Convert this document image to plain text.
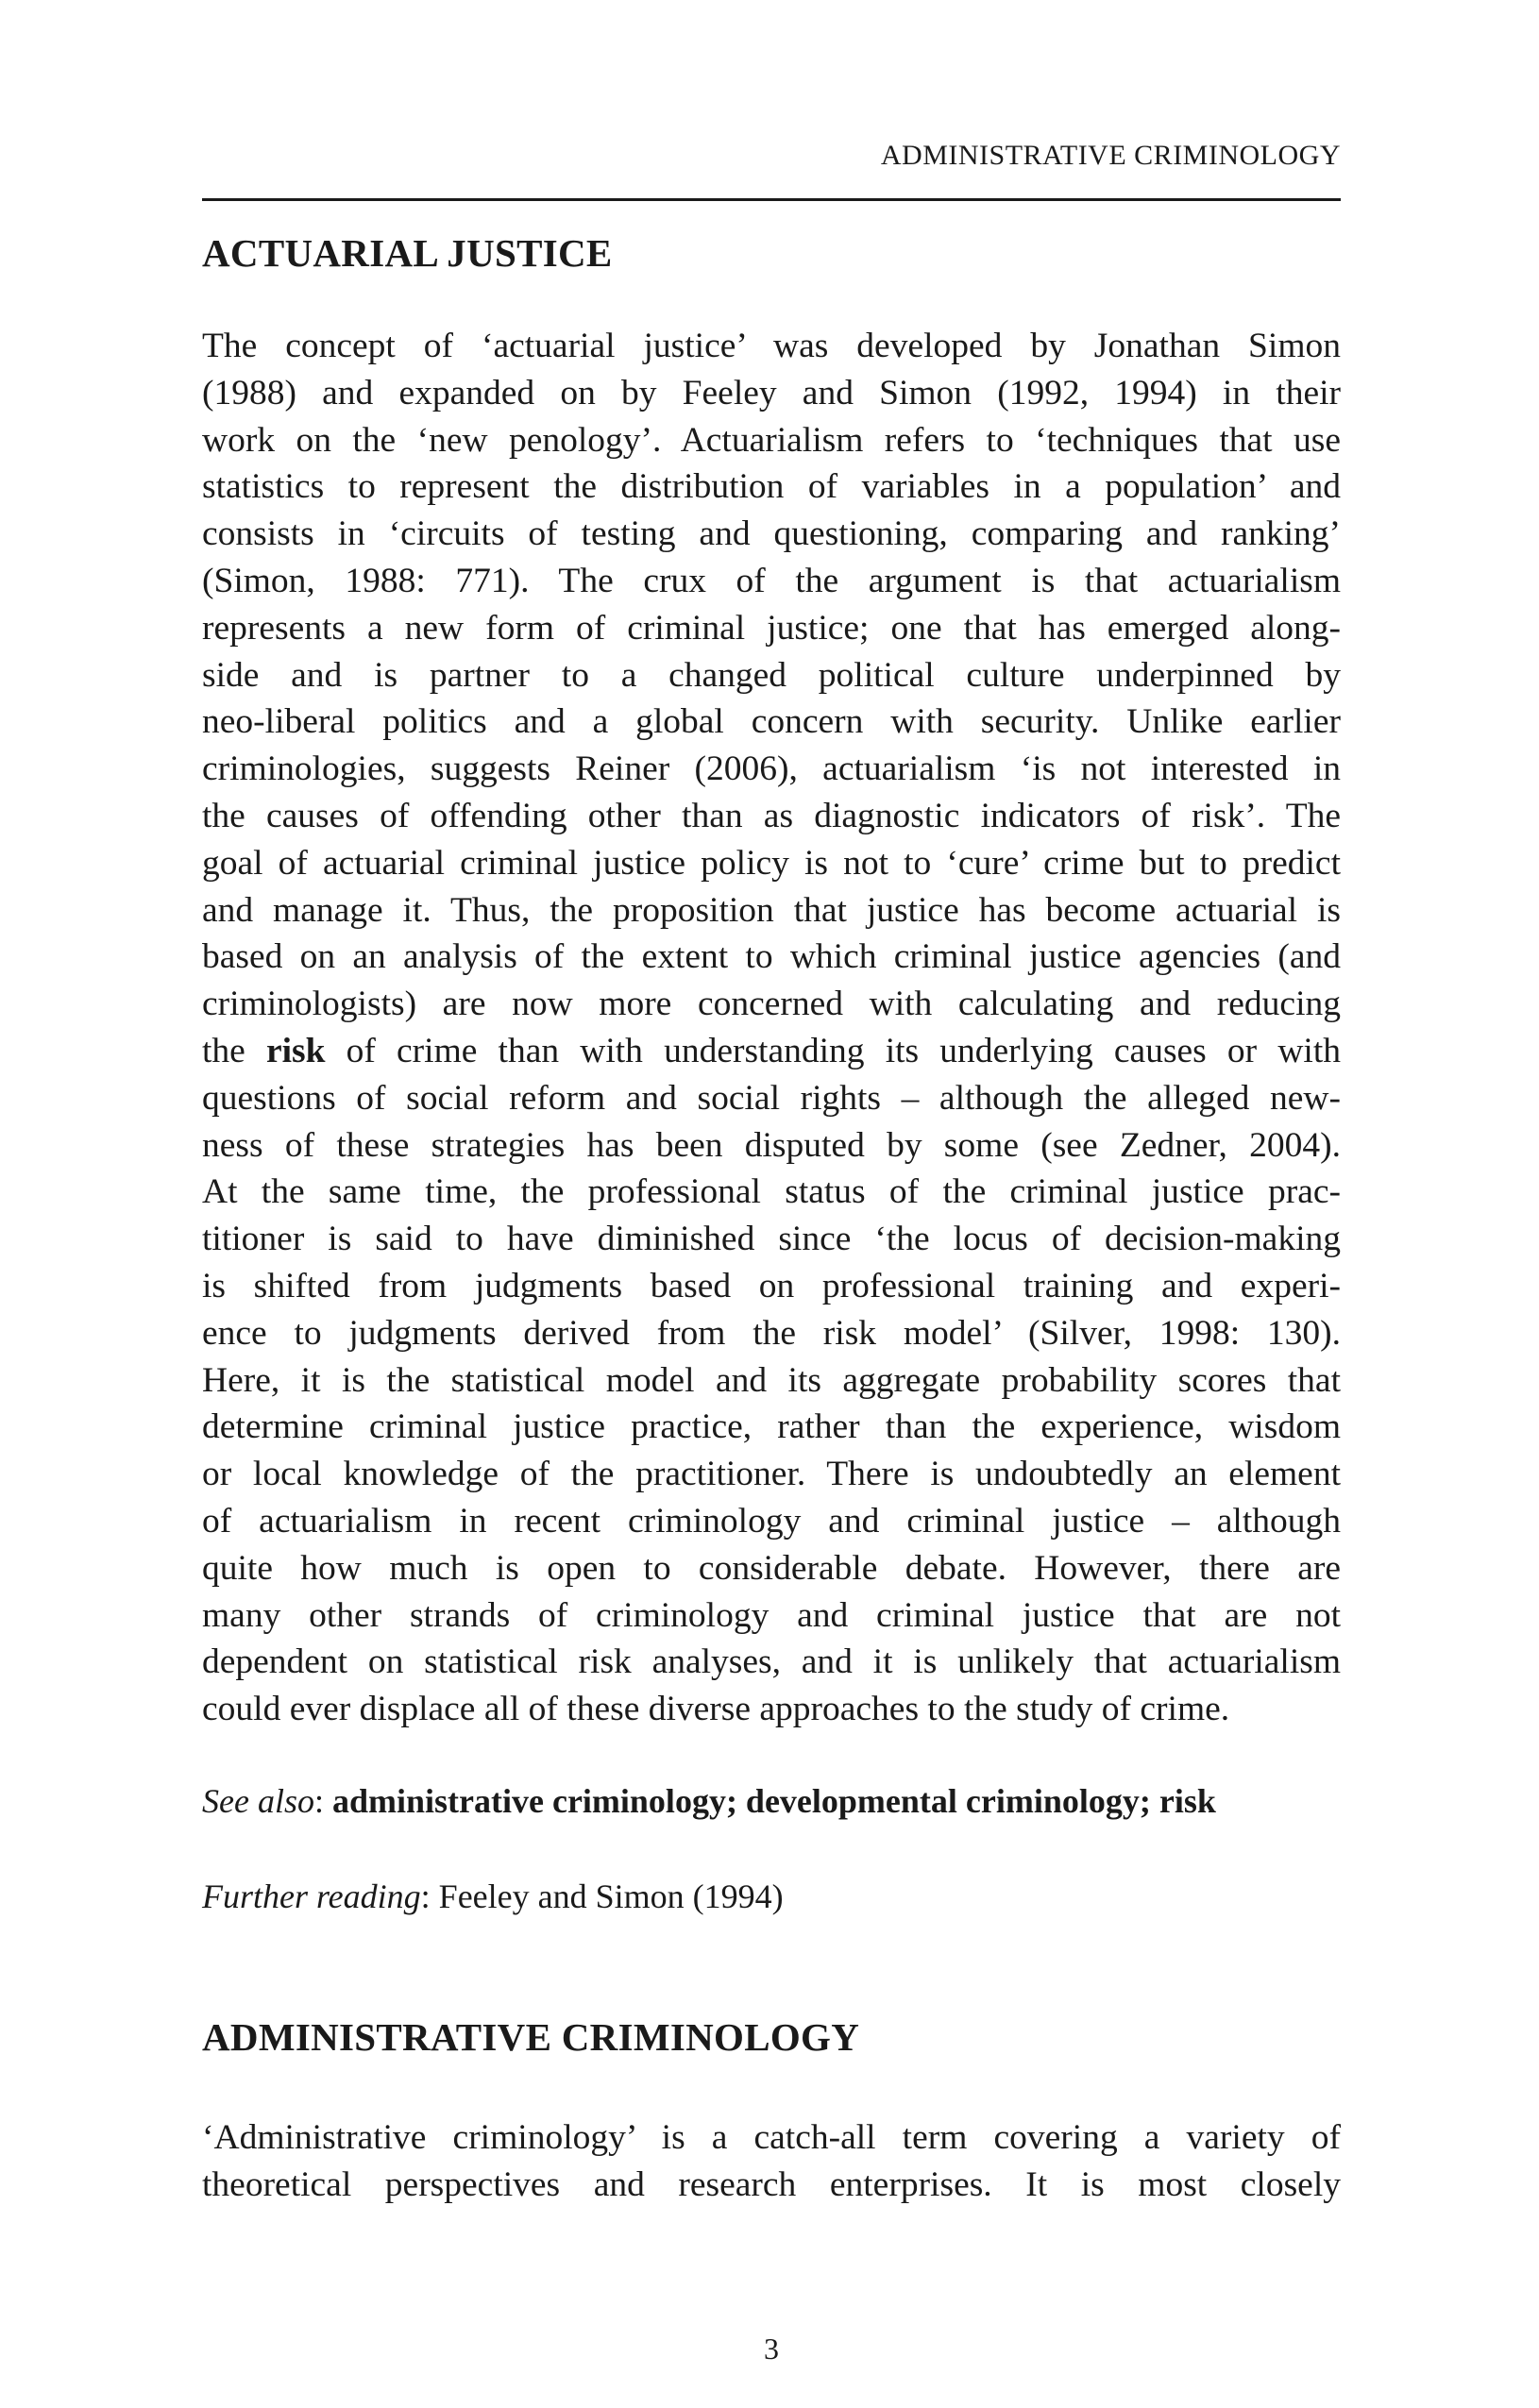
ADMINISTRATIVE CRIMINOLOGY
ACTUARIAL JUSTICE
The concept of ‘actuarial justice’ was developed by Jonathan Simon
(1988) and expanded on by Feeley and Simon (1992, 1994) in their
work on the ‘new penology’. Actuarialism refers to ‘techniques that use
statistics to represent the distribution of variables in a population’ and
consists in ‘circuits of testing and questioning, comparing and ranking’
(Simon, 1988: 771). The crux of the argument is that actuarialism
represents a new form of criminal justice; one that has emerged along-
side and is partner to a changed political culture underpinned by
neo-liberal politics and a global concern with security. Unlike earlier
criminologies, suggests Reiner (2006), actuarialism ‘is not interested in
the causes of offending other than as diagnostic indicators of risk’. The
goal of actuarial criminal justice policy is not to ‘cure’ crime but to predict
and manage it. Thus, the proposition that justice has become actuarial is
based on an analysis of the extent to which criminal justice agencies (and
criminologists) are now more concerned with calculating and reducing
the risk of crime than with understanding its underlying causes or with
questions of social reform and social rights – although the alleged new-
ness of these strategies has been disputed by some (see Zedner, 2004).
At the same time, the professional status of the criminal justice prac-
titioner is said to have diminished since ‘the locus of decision-making
is shifted from judgments based on professional training and experi-
ence to judgments derived from the risk model’ (Silver, 1998: 130).
Here, it is the statistical model and its aggregate probability scores that
determine criminal justice practice, rather than the experience, wisdom
or local knowledge of the practitioner. There is undoubtedly an element
of actuarialism in recent criminology and criminal justice – although
quite how much is open to considerable debate. However, there are
many other strands of criminology and criminal justice that are not
dependent on statistical risk analyses, and it is unlikely that actuarialism
could ever displace all of these diverse approaches to the study of crime.
See also: administrative criminology; developmental criminology; risk
Further reading: Feeley and Simon (1994)
ADMINISTRATIVE CRIMINOLOGY
‘Administrative criminology’ is a catch-all term covering a variety of
theoretical perspectives and research enterprises. It is most closely
3
